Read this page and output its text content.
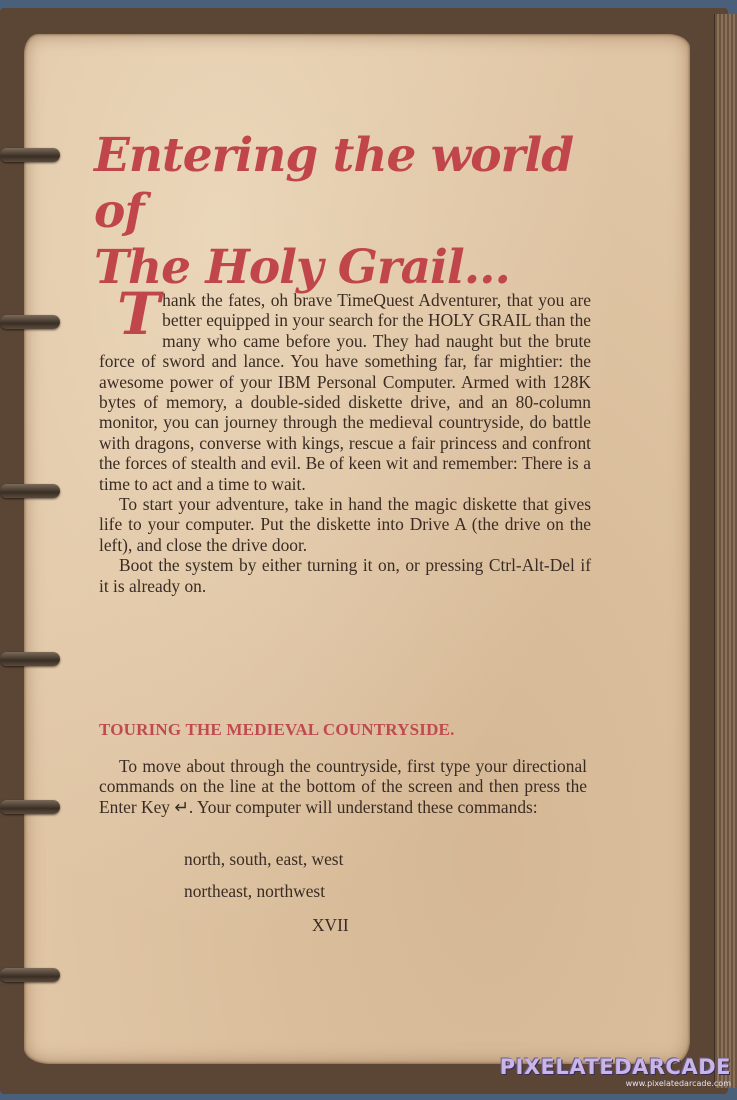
Entering the world of
The Holy Grail...

Thank the fates, oh brave TimeQuest Adventurer, that you are better equipped in your search for the HOLY GRAIL than the many who came before you. They had naught but the brute force of sword and lance. You have something far, far mightier: the awesome power of your IBM Personal Computer. Armed with 128K bytes of memory, a double-sided diskette drive, and an 80-column monitor, you can journey through the medieval countryside, do battle with dragons, converse with kings, rescue a fair princess and confront the forces of stealth and evil. Be of keen wit and remember: There is a time to act and a time to wait.

To start your adventure, take in hand the magic diskette that gives life to your computer. Put the diskette into Drive A (the drive on the left), and close the drive door.

Boot the system by either turning it on, or pressing Ctrl-Alt-Del if it is already on.

TOURING THE MEDIEVAL COUNTRYSIDE.

To move about through the countryside, first type your directional commands on the line at the bottom of the screen and then press the Enter Key ↵. Your computer will understand these commands:

north, south, east, west
northeast, northwest
XVII
PIXELATEDARCADE
www.pixelatedarcade.com
